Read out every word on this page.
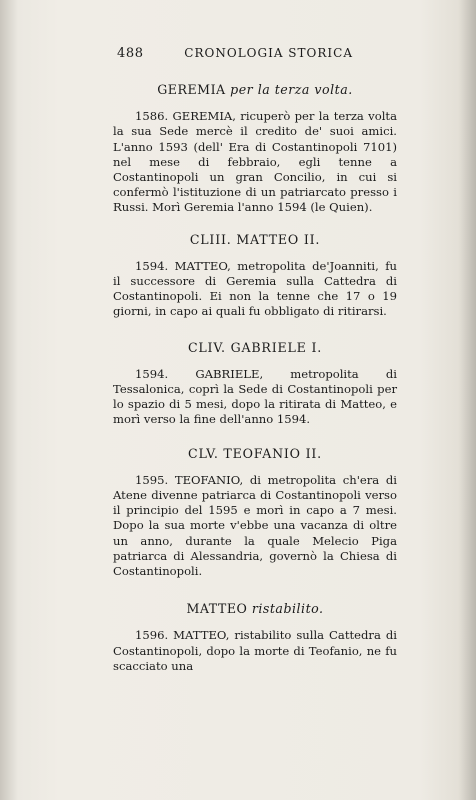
488	CRONOLOGIA STORICA
GEREMIA per la terza volta.

1586. GEREMIA, ricuperò per la terza volta la sua Sede mercè il credito de' suoi amici. L'anno 1593 (dell' Era di Costantinopoli 7101) nel mese di febbraio, egli tenne a Costantinopoli un gran Concilio, in cui si confermò l'istituzione di un patriarcato presso i Russi. Morì Geremia l'anno 1594 (le Quien).

CLIII. MATTEO II.

1594. MATTEO, metropolita de'Joanniti, fu il successore di Geremia sulla Cattedra di Costantinopoli. Ei non la tenne che 17 o 19 giorni, in capo ai quali fu obbligato di ritirarsi.

CLIV. GABRIELE I.

1594. GABRIELE, metropolita di Tessalonica, coprì la Sede di Costantinopoli per lo spazio di 5 mesi, dopo la ritirata di Matteo, e morì verso la fine dell'anno 1594.

CLV. TEOFANIO II.

1595. TEOFANIO, di metropolita ch'era di Atene divenne patriarca di Costantinopoli verso il principio del 1595 e morì in capo a 7 mesi. Dopo la sua morte v'ebbe una vacanza di oltre un anno, durante la quale Melecio Piga patriarca di Alessandria, governò la Chiesa di Costantinopoli.

MATTEO ristabilito.

1596. MATTEO, ristabilito sulla Cattedra di Costantinopoli, dopo la morte di Teofanio, ne fu scacciato una
